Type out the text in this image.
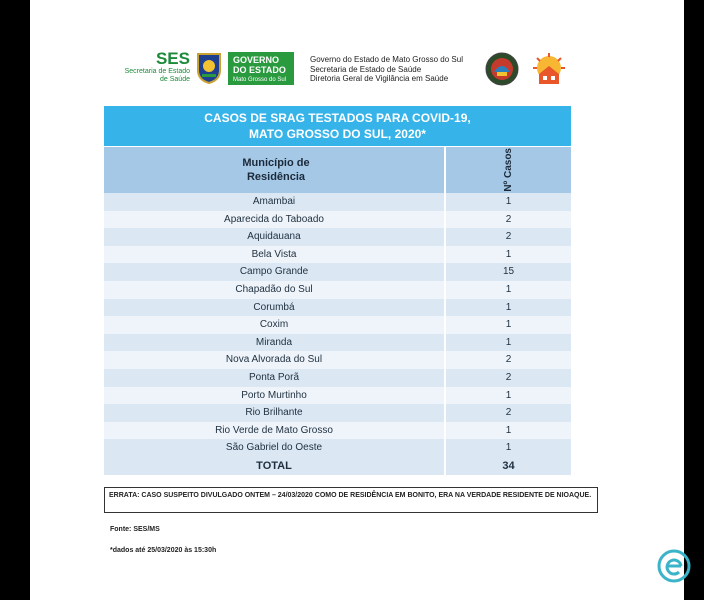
SES
Secretaria de Estado
de Saúde
GOVERNO
DO ESTADO
Mato Grosso do Sul
Governo do Estado de Mato Grosso do Sul
Secretaria de Estado de Saúde
Diretoria Geral de Vigilância em Saúde
CASOS DE SRAG TESTADOS PARA COVID-19,
MATO GROSSO DO SUL, 2020*
Município de
Residência	Nº Casos
Amambai	1
Aparecida do Taboado	2
Aquidauana	2
Bela Vista	1
Campo Grande	15
Chapadão do Sul	1
Corumbá	1
Coxim	1
Miranda	1
Nova Alvorada do Sul	2
Ponta Porã	2
Porto Murtinho	1
Rio Brilhante	2
Rio Verde de Mato Grosso	1
São Gabriel do Oeste	1
TOTAL	34
ERRATA: CASO SUSPEITO DIVULGADO ONTEM – 24/03/2020 COMO DE RESIDÊNCIA EM BONITO, ERA NA VERDADE RESIDENTE DE NIOAQUE.
Fonte: SES/MS
*dados até 25/03/2020 às 15:30h
